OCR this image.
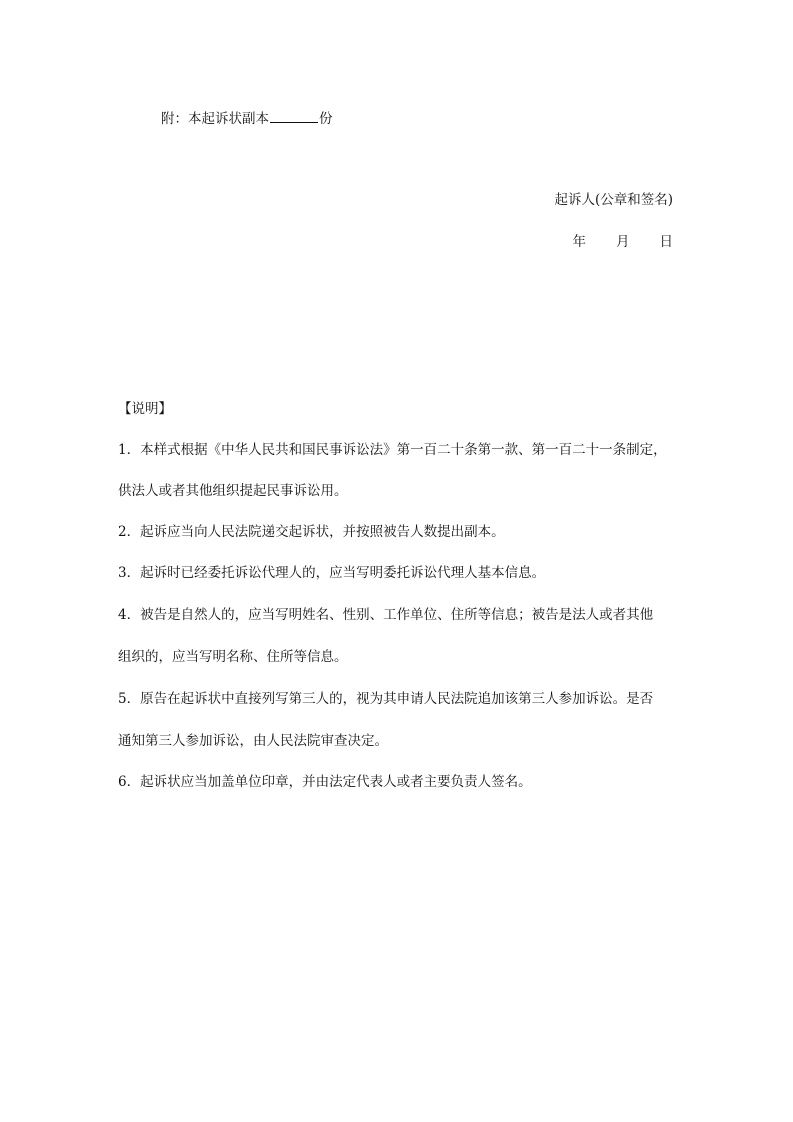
附：本起诉状副本	份
起诉人(公章和签名)
年 月 日
【说明】
1．本样式根据《中华人民共和国民事诉讼法》第一百二十条第一款、第一百二十一条制定，
供法人或者其他组织提起民事诉讼用。
2．起诉应当向人民法院递交起诉状，并按照被告人数提出副本。
3．起诉时已经委托诉讼代理人的，应当写明委托诉讼代理人基本信息。
4．被告是自然人的，应当写明姓名、性别、工作单位、住所等信息；被告是法人或者其他
组织的，应当写明名称、住所等信息。
5．原告在起诉状中直接列写第三人的，视为其申请人民法院追加该第三人参加诉讼。是否
通知第三人参加诉讼，由人民法院审查决定。
6．起诉状应当加盖单位印章，并由法定代表人或者主要负责人签名。
